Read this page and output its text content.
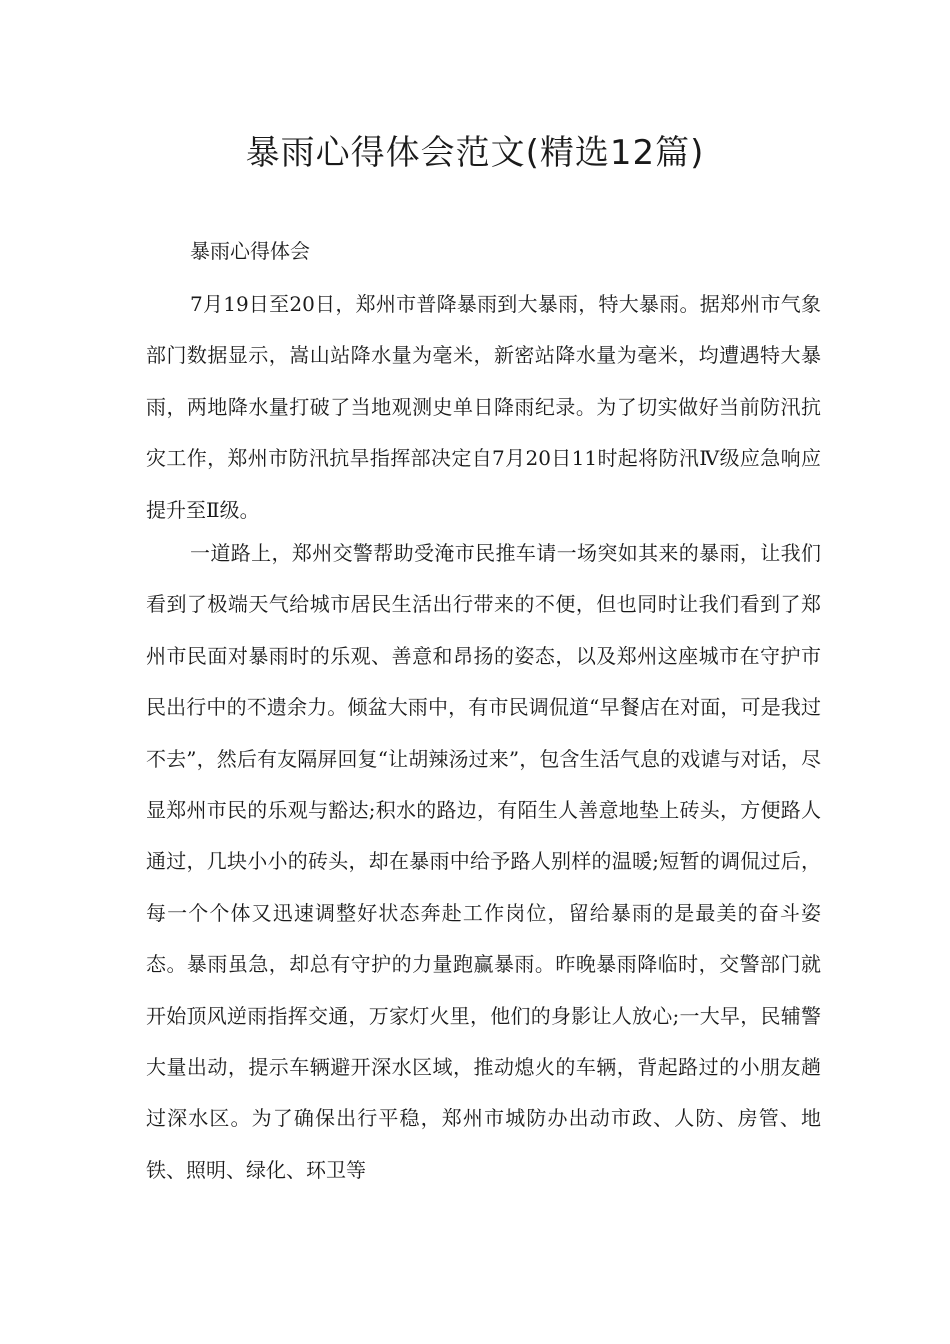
暴雨心得体会范文(精选12篇)

暴雨心得体会

7月19日至20日，郑州市普降暴雨到大暴雨，特大暴雨。据郑州市气象部门数据显示，嵩山站降水量为毫米，新密站降水量为毫米，均遭遇特大暴雨，两地降水量打破了当地观测史单日降雨纪录。为了切实做好当前防汛抗灾工作，郑州市防汛抗旱指挥部决定自7月20日11时起将防汛Ⅳ级应急响应提升至Ⅱ级。

一道路上，郑州交警帮助受淹市民推车请一场突如其来的暴雨，让我们看到了极端天气给城市居民生活出行带来的不便，但也同时让我们看到了郑州市民面对暴雨时的乐观、善意和昂扬的姿态，以及郑州这座城市在守护市民出行中的不遗余力。倾盆大雨中，有市民调侃道“早餐店在对面，可是我过不去”，然后有友隔屏回复“让胡辣汤过来”，包含生活气息的戏谑与对话，尽显郑州市民的乐观与豁达;积水的路边，有陌生人善意地垫上砖头，方便路人通过，几块小小的砖头，却在暴雨中给予路人别样的温暖;短暂的调侃过后，每一个个体又迅速调整好状态奔赴工作岗位，留给暴雨的是最美的奋斗姿态。暴雨虽急，却总有守护的力量跑赢暴雨。昨晚暴雨降临时，交警部门就开始顶风逆雨指挥交通，万家灯火里，他们的身影让人放心;一大早，民辅警大量出动，提示车辆避开深水区域，推动熄火的车辆，背起路过的小朋友趟过深水区。为了确保出行平稳，郑州市城防办出动市政、人防、房管、地铁、照明、绿化、环卫等
